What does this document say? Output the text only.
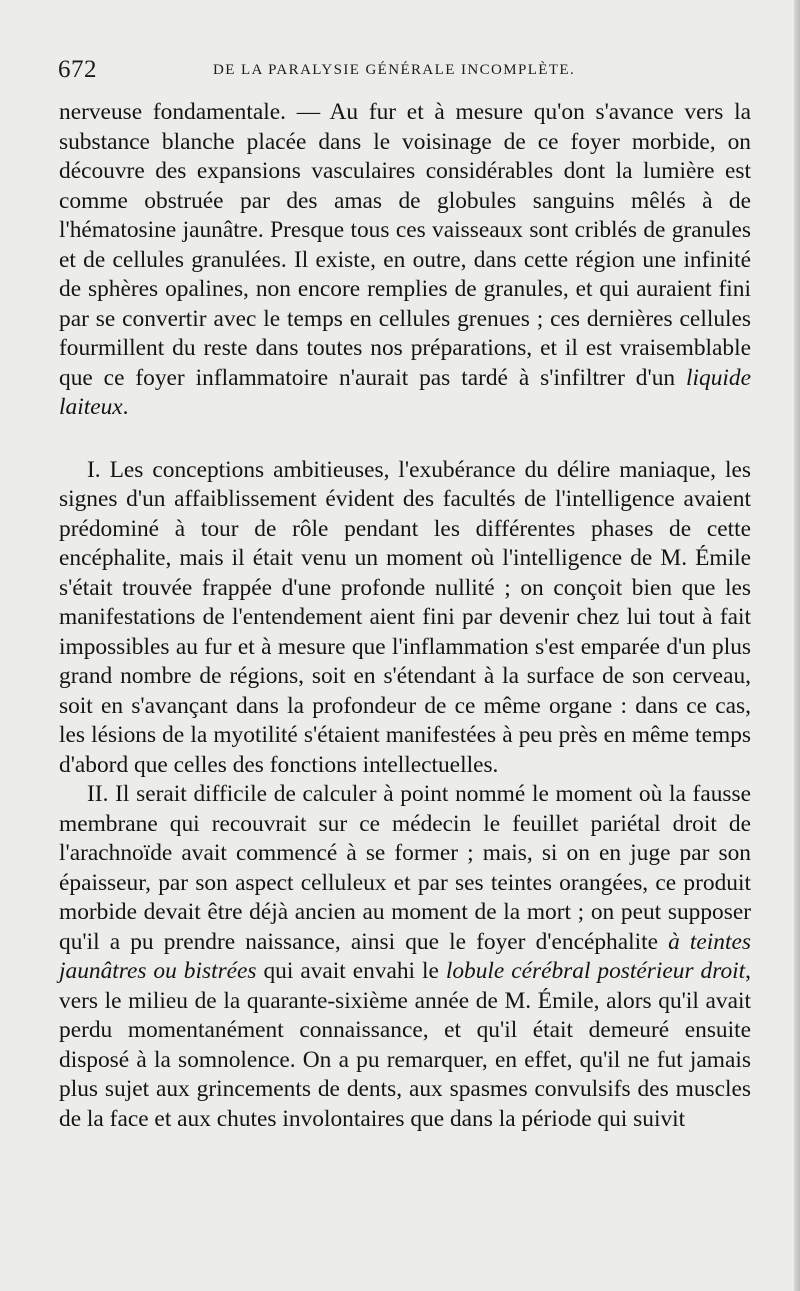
672	DE LA PARALYSIE GÉNÉRALE INCOMPLÈTE.

nerveuse fondamentale. — Au fur et à mesure qu'on s'avance vers la substance blanche placée dans le voisinage de ce foyer morbide, on découvre des expansions vasculaires considérables dont la lumière est comme obstruée par des amas de globules sanguins mêlés à de l'hématosine jaunâtre. Presque tous ces vaisseaux sont criblés de granules et de cellules granulées. Il existe, en outre, dans cette région une infinité de sphères opalines, non encore remplies de granules, et qui auraient fini par se convertir avec le temps en cellules grenues ; ces dernières cellules fourmillent du reste dans toutes nos préparations, et il est vraisemblable que ce foyer inflammatoire n'aurait pas tardé à s'infiltrer d'un liquide laiteux.

I. Les conceptions ambitieuses, l'exubérance du délire maniaque, les signes d'un affaiblissement évident des facultés de l'intelligence avaient prédominé à tour de rôle pendant les différentes phases de cette encéphalite, mais il était venu un moment où l'intelligence de M. Émile s'était trouvée frappée d'une profonde nullité ; on conçoit bien que les manifestations de l'entendement aient fini par devenir chez lui tout à fait impossibles au fur et à mesure que l'inflammation s'est emparée d'un plus grand nombre de régions, soit en s'étendant à la surface de son cerveau, soit en s'avançant dans la profondeur de ce même organe : dans ce cas, les lésions de la myotilité s'étaient manifestées à peu près en même temps d'abord que celles des fonctions intellectuelles.

II. Il serait difficile de calculer à point nommé le moment où la fausse membrane qui recouvrait sur ce médecin le feuillet pariétal droit de l'arachnoïde avait commencé à se former ; mais, si on en juge par son épaisseur, par son aspect celluleux et par ses teintes orangées, ce produit morbide devait être déjà ancien au moment de la mort ; on peut supposer qu'il a pu prendre naissance, ainsi que le foyer d'encéphalite à teintes jaunâtres ou bistrées qui avait envahi le lobule cérébral postérieur droit, vers le milieu de la quarante-sixième année de M. Émile, alors qu'il avait perdu momentanément connaissance, et qu'il était demeuré ensuite disposé à la somnolence. On a pu remarquer, en effet, qu'il ne fut jamais plus sujet aux grincements de dents, aux spasmes convulsifs des muscles de la face et aux chutes involontaires que dans la période qui suivit
